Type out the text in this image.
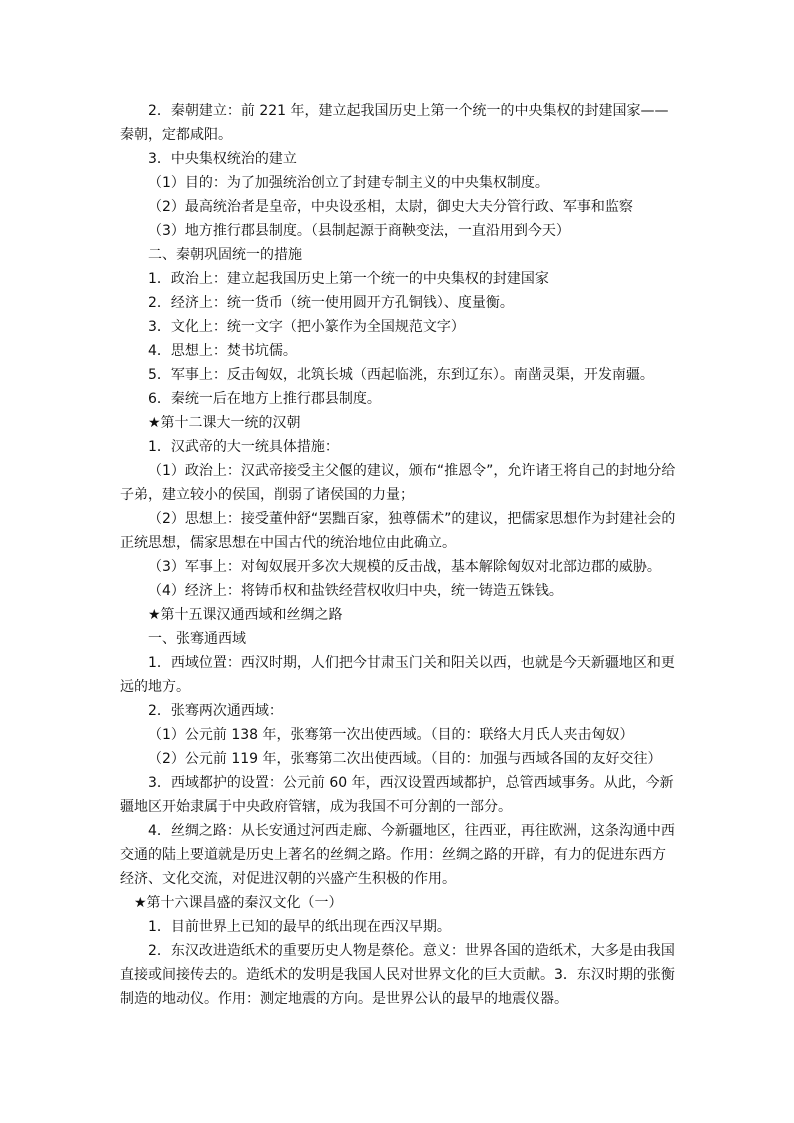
2．秦朝建立：前 221 年，建立起我国历史上第一个统一的中央集权的封建国家——秦朝，定都咸阳。
3．中央集权统治的建立
（1）目的：为了加强统治创立了封建专制主义的中央集权制度。
（2）最高统治者是皇帝，中央设丞相，太尉，御史大夫分管行政、军事和监察
（3）地方推行郡县制度。（县制起源于商鞅变法，一直沿用到今天）
二、秦朝巩固统一的措施
1．政治上：建立起我国历史上第一个统一的中央集权的封建国家
2．经济上：统一货币（统一使用圆开方孔铜钱）、度量衡。
3．文化上：统一文字（把小篆作为全国规范文字）
4．思想上：焚书坑儒。
5．军事上：反击匈奴，北筑长城（西起临洮，东到辽东）。南凿灵渠，开发南疆。
6．秦统一后在地方上推行郡县制度。
★第十二课大一统的汉朝
1．汉武帝的大一统具体措施：
（1）政治上：汉武帝接受主父偃的建议，颁布“推恩令”，允许诸王将自己的封地分给子弟，建立较小的侯国，削弱了诸侯国的力量；
（2）思想上：接受董仲舒“罢黜百家，独尊儒术”的建议，把儒家思想作为封建社会的正统思想，儒家思想在中国古代的统治地位由此确立。
（3）军事上：对匈奴展开多次大规模的反击战，基本解除匈奴对北部边郡的威胁。
（4）经济上：将铸币权和盐铁经营权收归中央，统一铸造五铢钱。
★第十五课汉通西域和丝绸之路
一、张骞通西域
1．西域位置：西汉时期，人们把今甘肃玉门关和阳关以西，也就是今天新疆地区和更远的地方。
2．张骞两次通西域：
（1）公元前 138 年，张骞第一次出使西域。（目的：联络大月氏人夹击匈奴）
（2）公元前 119 年，张骞第二次出使西域。（目的：加强与西域各国的友好交往）
3．西域都护的设置：公元前 60 年，西汉设置西域都护，总管西域事务。从此，今新疆地区开始隶属于中央政府管辖，成为我国不可分割的一部分。
4．丝绸之路：从长安通过河西走廊、今新疆地区，往西亚，再往欧洲，这条沟通中西交通的陆上要道就是历史上著名的丝绸之路。作用：丝绸之路的开辟，有力的促进东西方经济、文化交流，对促进汉朝的兴盛产生积极的作用。
★第十六课昌盛的秦汉文化（一）
1．目前世界上已知的最早的纸出现在西汉早期。
2．东汉改进造纸术的重要历史人物是蔡伦。意义：世界各国的造纸术，大多是由我国直接或间接传去的。造纸术的发明是我国人民对世界文化的巨大贡献。3．东汉时期的张衡制造的地动仪。作用：测定地震的方向。是世界公认的最早的地震仪器。
